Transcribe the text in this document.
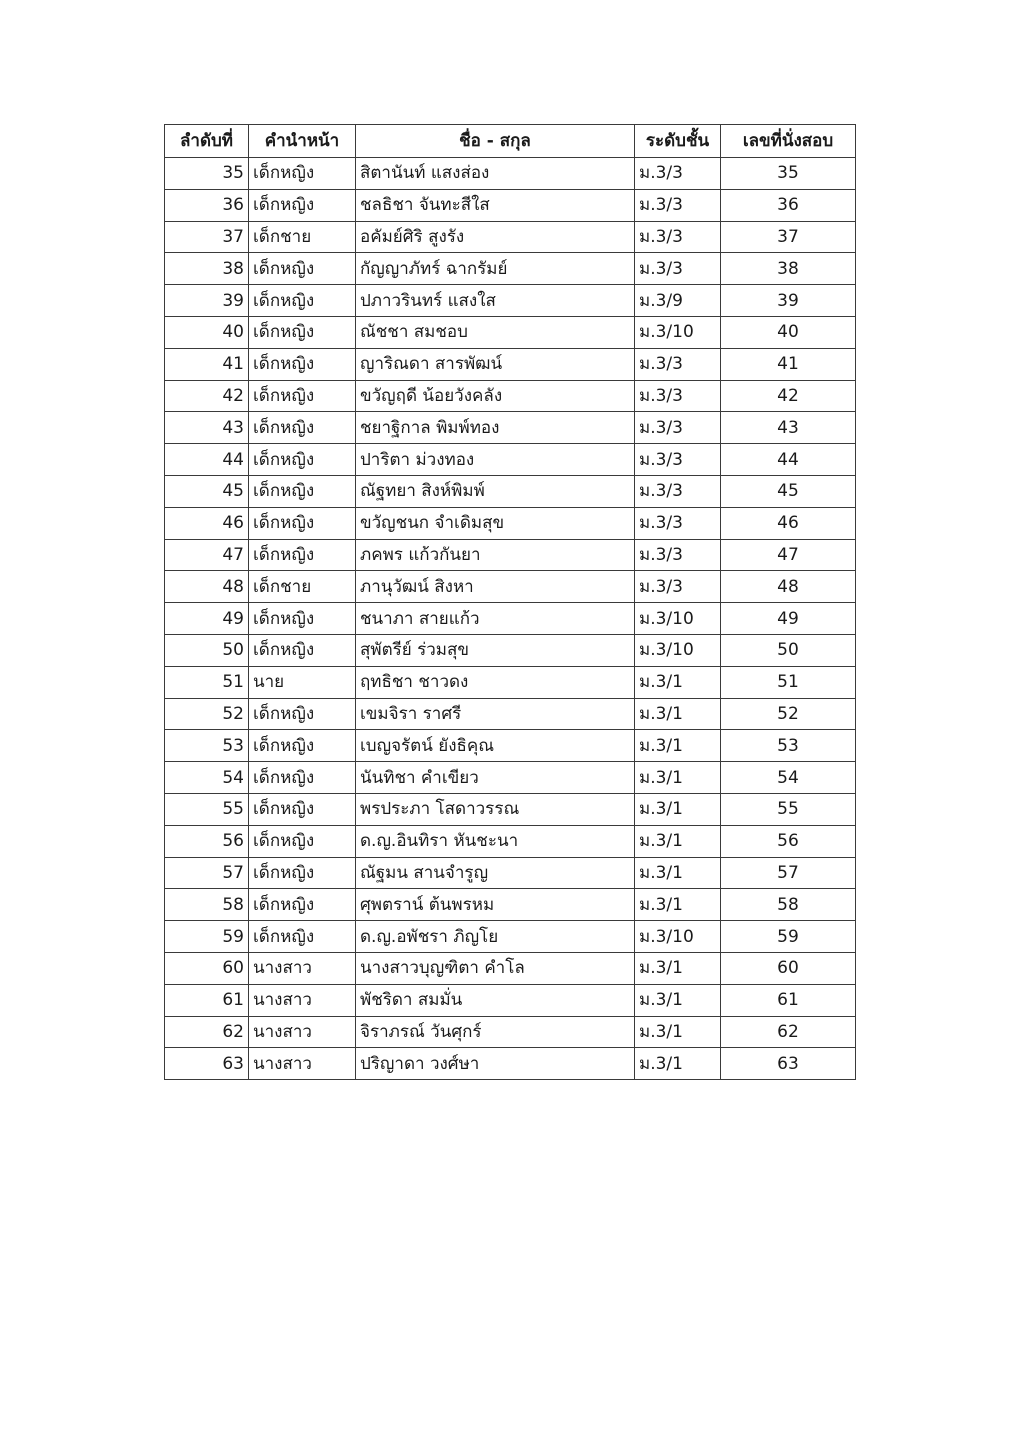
ลำดับที่	คำนำหน้า	ชื่อ - สกุล	ระดับชั้น	เลขที่นั่งสอบ
35	เด็กหญิง	สิตานันท์ แสงส่อง	ม.3/3	35
36	เด็กหญิง	ชลธิชา จันทะสีใส	ม.3/3	36
37	เด็กชาย	อคัมย์ศิริ สูงรัง	ม.3/3	37
38	เด็กหญิง	กัญญาภัทร์ ฉากรัมย์	ม.3/3	38
39	เด็กหญิง	ปภาวรินทร์ แสงใส	ม.3/9	39
40	เด็กหญิง	ณัชชา สมชอบ	ม.3/10	40
41	เด็กหญิง	ญาริณดา สารพัฒน์	ม.3/3	41
42	เด็กหญิง	ขวัญฤดี น้อยวังคลัง	ม.3/3	42
43	เด็กหญิง	ชยาฐิกาล พิมพ์ทอง	ม.3/3	43
44	เด็กหญิง	ปาริตา ม่วงทอง	ม.3/3	44
45	เด็กหญิง	ณัฐทยา สิงห์พิมพ์	ม.3/3	45
46	เด็กหญิง	ขวัญชนก จำเดิมสุข	ม.3/3	46
47	เด็กหญิง	ภคพร แก้วกันยา	ม.3/3	47
48	เด็กชาย	ภานุวัฒน์ สิงหา	ม.3/3	48
49	เด็กหญิง	ชนาภา สายแก้ว	ม.3/10	49
50	เด็กหญิง	สุพัตรีย์ ร่วมสุข	ม.3/10	50
51	นาย	ฤทธิชา ชาวดง	ม.3/1	51
52	เด็กหญิง	เขมจิรา ราศรี	ม.3/1	52
53	เด็กหญิง	เบญจรัตน์ ยังธิคุณ	ม.3/1	53
54	เด็กหญิง	นันทิชา คำเขียว	ม.3/1	54
55	เด็กหญิง	พรประภา โสดาวรรณ	ม.3/1	55
56	เด็กหญิง	ด.ญ.อินทิรา หันชะนา	ม.3/1	56
57	เด็กหญิง	ณัฐมน สานจำรูญ	ม.3/1	57
58	เด็กหญิง	ศุพตราน์ ต้นพรหม	ม.3/1	58
59	เด็กหญิง	ด.ญ.อพัชรา ภิญโย	ม.3/10	59
60	นางสาว	นางสาวบุญฑิตา คำโล	ม.3/1	60
61	นางสาว	พัชริดา สมมั่น	ม.3/1	61
62	นางสาว	จิราภรณ์ วันศุกร์	ม.3/1	62
63	นางสาว	ปริญาดา วงศ์ษา	ม.3/1	63
